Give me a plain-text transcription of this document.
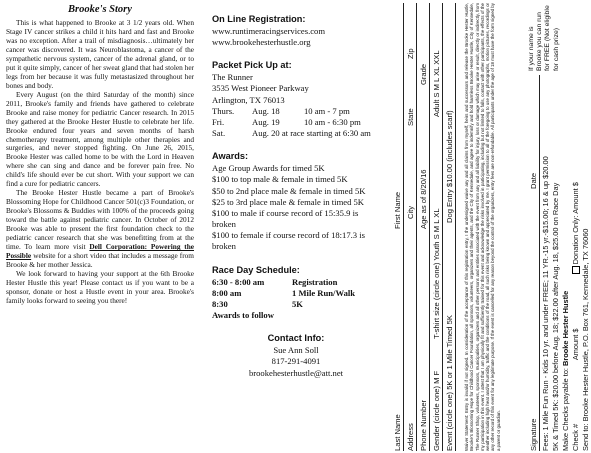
Brooke's Story

This is what happened to Brooke at 3 1/2 years old. When Stage IV cancer strikes a child it hits hard and fast and Brooke was no exception. After a trail of misdiagnosis…ultimately her cancer was discovered. It was Neuroblastoma, a cancer of the sympathetic nervous system, cancer of the adrenal gland, or to put it quite simply, cancer of her sweat gland that had stolen her legs from her because it was fully metastasized throughout her bones and body.

Every August (on the third Saturday of the month) since 2011, Brooke's family and friends have gathered to celebrate Brooke and raise money for pediatric Cancer research. In 2015 they gathered at the Brooke Hester Hustle to celebrate her life. Brooke endured four years and seven months of harsh chemotherapy treatment, among multiple other therapies and surgeries, and never stopped fighting. On June 26, 2015, Brooke Hester was called home to be with the Lord in Heaven where she can sing and dance and be forever pain free. No child's life should ever be cut short. With your support we can find a cure for pediatric cancers.

The Brooke Hester Hustle became a part of Brooke's Blossoming Hope for Childhood Cancer 501(c)3 Foundation, or Brooke's Blossoms & Buddies with 100% of the proceeds going toward the battle against pediatric cancer. In October of 2012 Brooke was able to present the first foundation check to the pediatric cancer research that she was benefitting from at the time. To learn more visit Dell Corporation: Powering the Possible website for a short video that includes a message from Brooke & her mother Jessica.

We look forward to having your support at the 6th Brooke Hester Hustle this year! Please contact us if you want to be a sponsor, donate or host a Hustle event in your area. Brooke's family looks forward to seeing you there!

On Line Registration:
www.runtimeracingservices.com
www.brookehesterhustle.org
Packet Pick Up at:
The Runner
3535 West Pioneer Parkway
Arlington, TX 76013
Thurs.	Aug. 18	10 am - 7 pm
Fri.	Aug. 19	10 am - 6:30 pm
Sat.	Aug. 20 at race starting at 6:30 am
Awards:
Age Group Awards for timed 5K
$100 to top male & female in timed 5K
$50 to 2nd place male & female in timed 5K
$25 to 3rd place male & female in timed 5K
$100 to male if course record of 15:35.9 is broken
$100 to female if course record of 18:17.3 is broken
Race Day Schedule:
6:30 - 8:00 am	Registration
8:00 am	1 Mile Run/Walk
8:30	5K
Awards to follow
Contact Info:
Sue Ann Soll
817-291-4091
brookehesterhustle@att.net
Last Name
First Name
Address
City
State
Zip
Phone Number
Age as of 8/20/16
Grade
Gender (circle one) M F
T-shirt size (circle one) Youth S M L XL
Adult S M L XL XXL
Event (circle one) 5K or 1 Mile Timed 5K
Dog Entry $10.00 (includes scarf) Waiver Statement: Entry is invalid if not signed. In consideration of the acceptance of this registration entry, I the undersigned waive any and all claims from myself, heirs and successors and release the Brooke Hester Hustle, Brooke's Blossoming Hope for Childhood Cancer Foundation, all sponsors, volunteers, organizers and their agents, and the City of Kennedale, and agree to indemnify and hold harmless Brooke Hester Hustle, City of Kennedale, The Runner Shop, volunteers, sponsors, municipalities, organizers and all other persons and entities associated with the event from any and all liability for injury, loss or damage which may arise or result, directly or indirectly, from my participation in this event. I attest that I am physically fit and sufficiently trained for this event and acknowledge the risks involved in participating, including but not limited to falls, contact with other participants, the effects of the weather including high heat and/or humidity, traffic and the conditions of the road, all such risks being known and appreciated by me. I grant permission to all of the foregoing to use any photographs, motion pictures, recordings or any other record of this event for any legitimate purpose. If the event is cancelled for any reason beyond the control of the organizers, entry fees are non-refundable. All participants under the age of 18 must have the form signed by a parent or guardian.	Signature
Date Fees: 1 Mile Fun Run - Kids 10 yr. and under FREE; 11 YR.-15 yr.-$15.00; 16 & up $20.00 5K & Timed 5K: $20.00 before Aug. 18; $22.00 after Aug. 18, $25.00 on Race Day Make Checks payable to: Brooke Hester Hustle
Check #  Amount $   Donation Only: Amount $
Send to: Brooke Hester Hustle, P.O. Box 761, Kennedale, TX 76060
If your name is Brooke you can run for FREE (Not eligible for cash prize)
